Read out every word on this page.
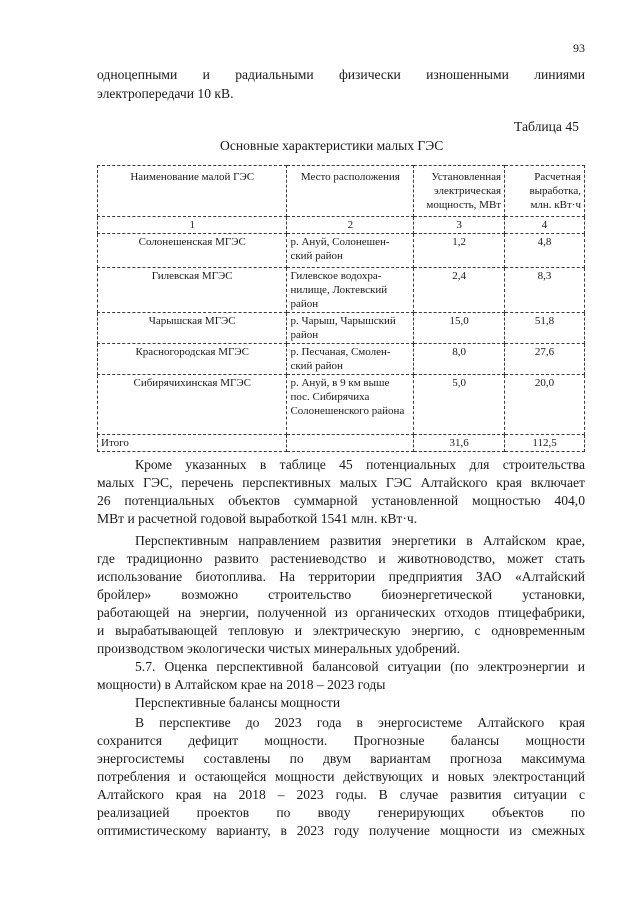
93
одноцепными и радиальными физически изношенными линиями
электропередачи 10 кВ.
Таблица 45
Основные характеристики малых ГЭС
Наименование малой ГЭС	Место расположения	Установленная электрическая мощность, МВт	Расчетная выработка, млн. кВт·ч
1	2	3	4
Солонешенская МГЭС	р. Ануй, Солонешен-ский район	1,2	4,8
Гилевская МГЭС	Гилевское водохра-нилище, Локтевский район	2,4	8,3
Чарышская МГЭС	р. Чарыш, Чарышский район	15,0	51,8
Красногородская МГЭС	р. Песчаная, Смолен-ский район	8,0	27,6
Сибирячихинская МГЭС	р. Ануй, в 9 км выше пос. Сибирячиха Солонешенского района	5,0	20,0
Итого		31,6	112,5
Кроме указанных в таблице 45 потенциальных для строительства
малых ГЭС, перечень перспективных малых ГЭС Алтайского края включает
26 потенциальных объектов суммарной установленной мощностью 404,0
МВт и расчетной годовой выработкой 1541 млн. кВт·ч.
Перспективным направлением развития энергетики в Алтайском крае,
где традиционно развито растениеводство и животноводство, может стать
использование биотоплива. На территории предприятия ЗАО «Алтайский
бройлер» возможно строительство биоэнергетической установки,
работающей на энергии, полученной из органических отходов птицефабрики,
и вырабатывающей тепловую и электрическую энергию, с одновременным
производством экологически чистых минеральных удобрений.
5.7. Оценка перспективной балансовой ситуации (по электроэнергии и
мощности) в Алтайском крае на 2018 – 2023 годы
Перспективные балансы мощности
В перспективе до 2023 года в энергосистеме Алтайского края
сохранится дефицит мощности. Прогнозные балансы мощности
энергосистемы составлены по двум вариантам прогноза максимума
потребления и остающейся мощности действующих и новых электростанций
Алтайского края на 2018 – 2023 годы. В случае развития ситуации с
реализацией проектов по вводу генерирующих объектов по
оптимистическому варианту, в 2023 году получение мощности из смежных
